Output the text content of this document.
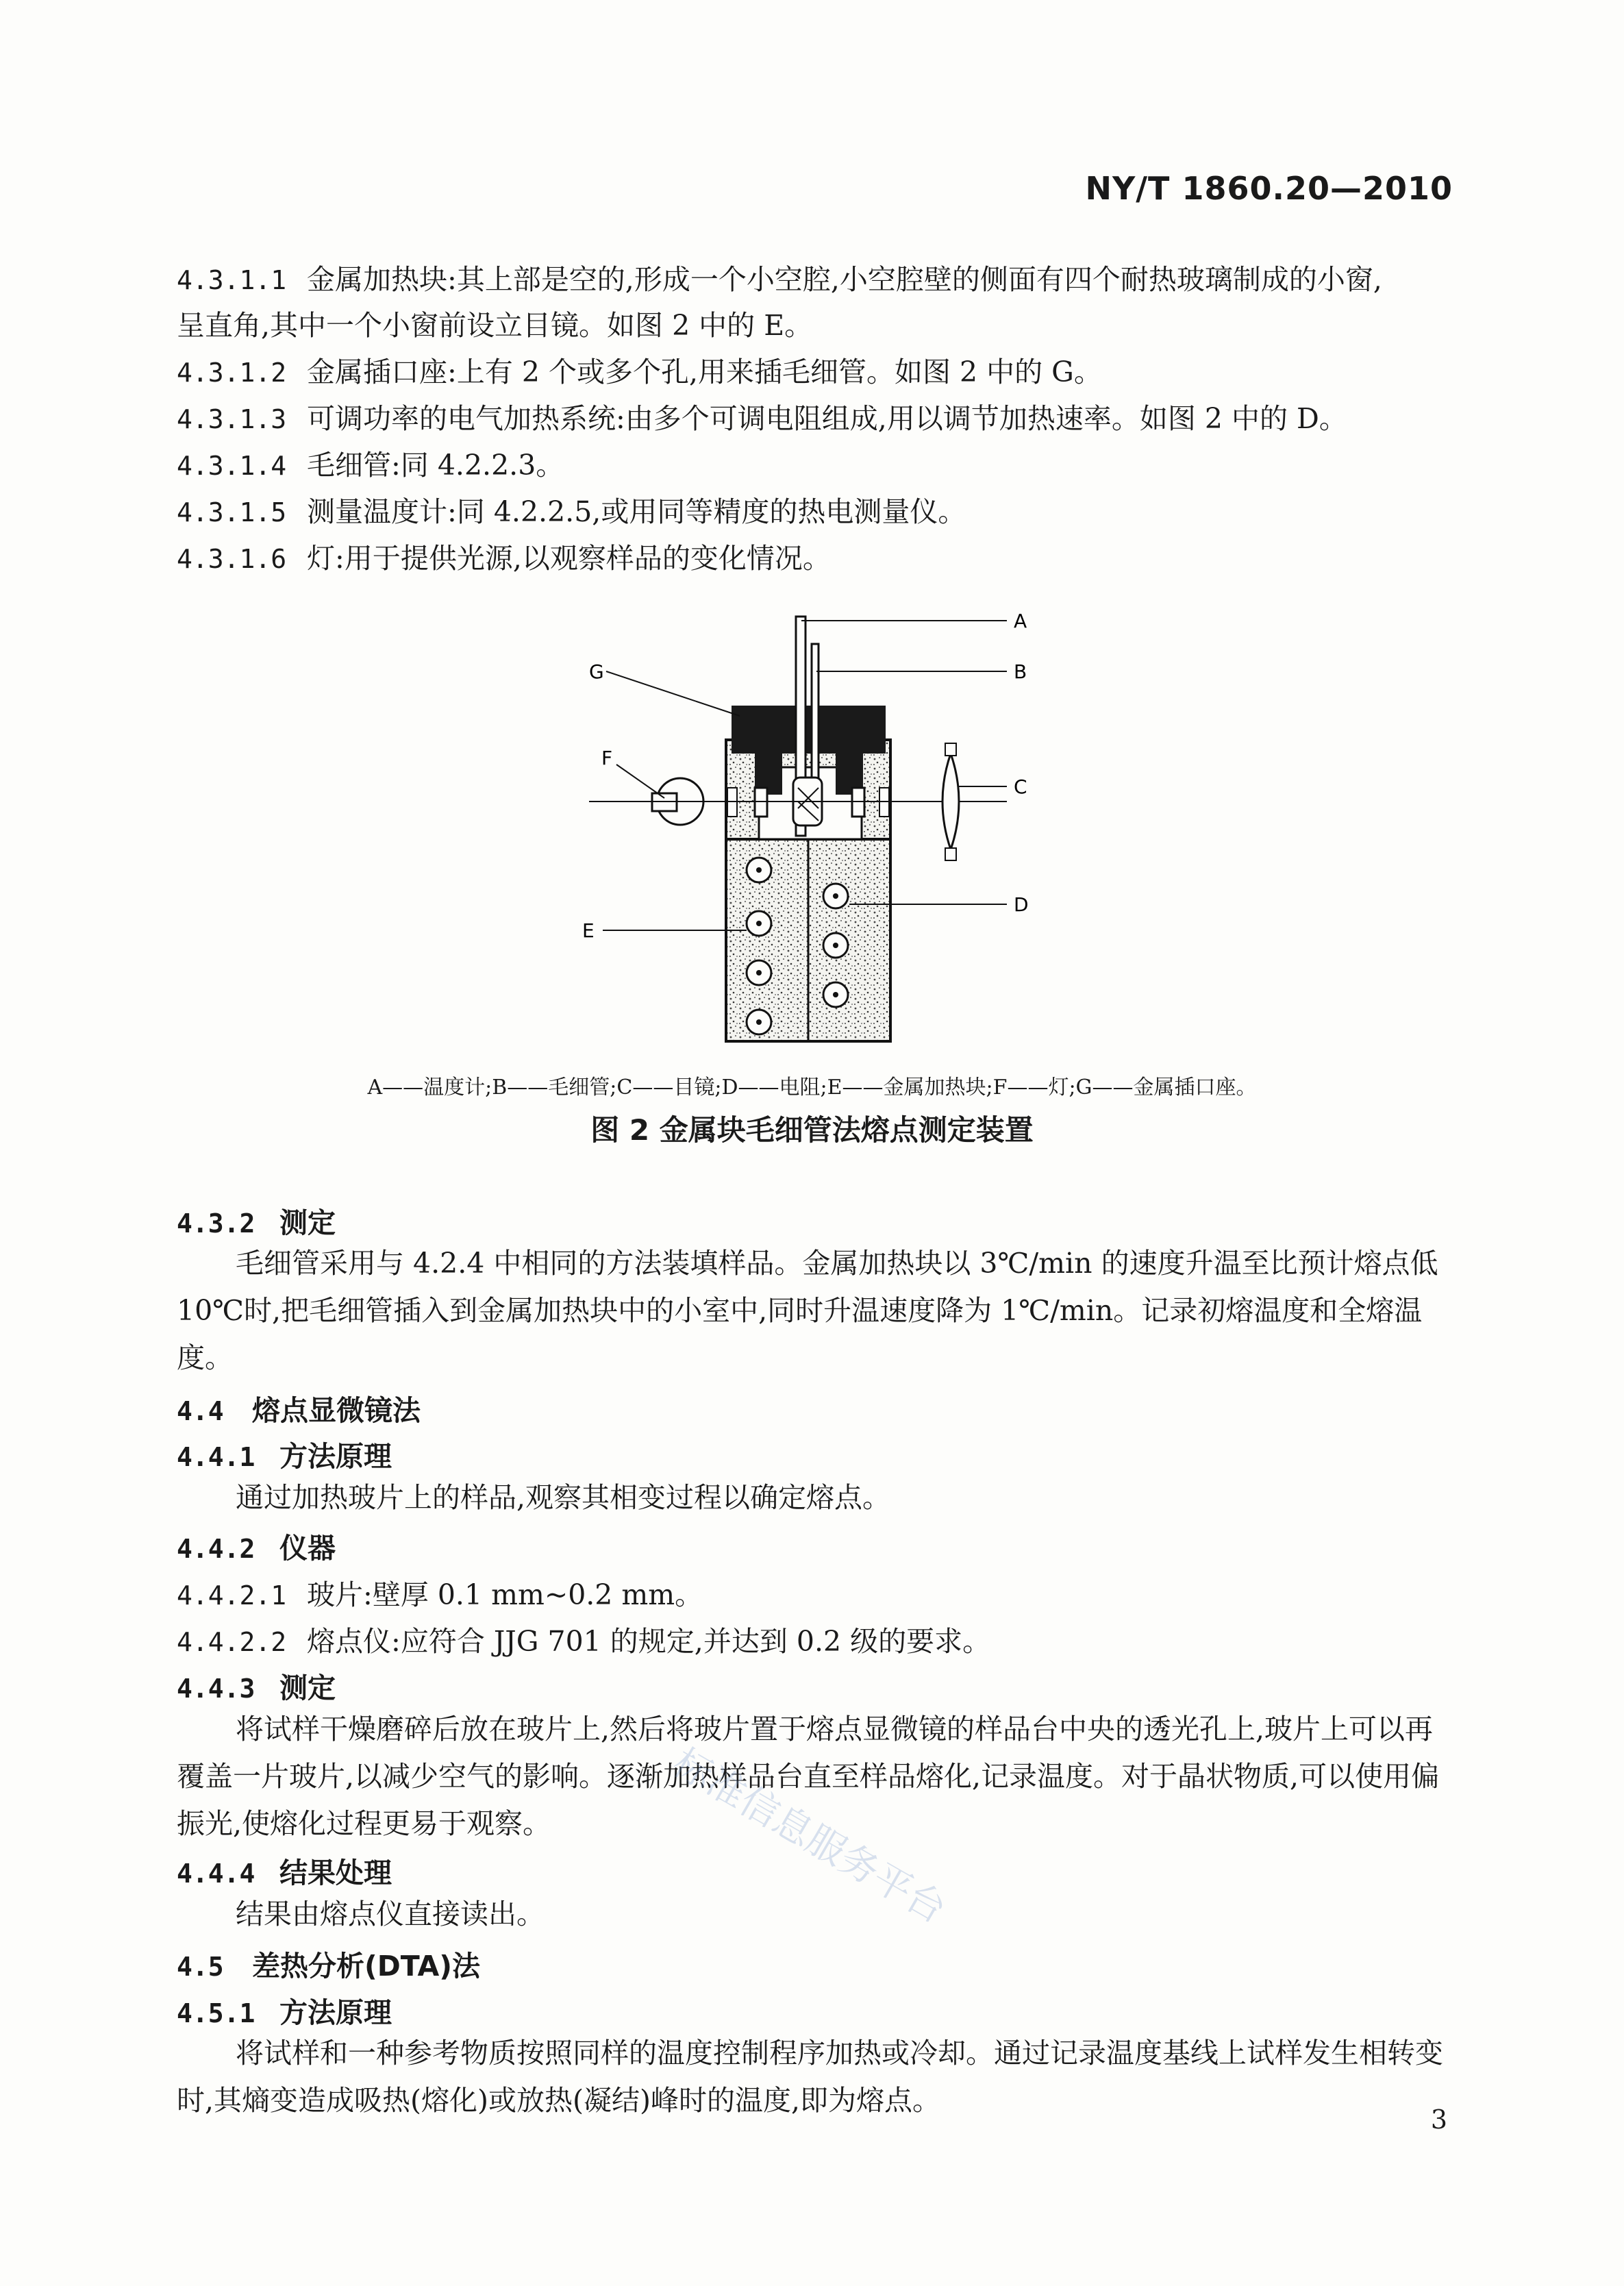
NY/T 1860.20—2010
4.3.1.1 金属加热块:其上部是空的,形成一个小空腔,小空腔壁的侧面有四个耐热玻璃制成的小窗,
呈直角,其中一个小窗前设立目镜。如图 2 中的 E。
4.3.1.2 金属插口座:上有 2 个或多个孔,用来插毛细管。如图 2 中的 G。
4.3.1.3 可调功率的电气加热系统:由多个可调电阻组成,用以调节加热速率。如图 2 中的 D。
4.3.1.4 毛细管:同 4.2.2.3。
4.3.1.5 测量温度计:同 4.2.2.5,或用同等精度的热电测量仪。
4.3.1.6 灯:用于提供光源,以观察样品的变化情况。
A
B
C
D
E
F
G
A——温度计;B——毛细管;C——目镜;D——电阻;E——金属加热块;F——灯;G——金属插口座。
图 2 金属块毛细管法熔点测定装置
4.3.2 测定
毛细管采用与 4.2.4 中相同的方法装填样品。金属加热块以 3℃/min 的速度升温至比预计熔点低 10℃时,把毛细管插入到金属加热块中的小室中,同时升温速度降为 1℃/min。记录初熔温度和全熔温度。
4.4 熔点显微镜法
4.4.1 方法原理
通过加热玻片上的样品,观察其相变过程以确定熔点。
4.4.2 仪器
4.4.2.1 玻片:壁厚 0.1 mm~0.2 mm。
4.4.2.2 熔点仪:应符合 JJG 701 的规定,并达到 0.2 级的要求。
4.4.3 测定
将试样干燥磨碎后放在玻片上,然后将玻片置于熔点显微镜的样品台中央的透光孔上,玻片上可以再覆盖一片玻片,以减少空气的影响。逐渐加热样品台直至样品熔化,记录温度。对于晶状物质,可以使用偏振光,使熔化过程更易于观察。
4.4.4 结果处理
结果由熔点仪直接读出。
4.5 差热分析(DTA)法
4.5.1 方法原理
将试样和一种参考物质按照同样的温度控制程序加热或冷却。通过记录温度基线上试样发生相转变时,其熵变造成吸热(熔化)或放热(凝结)峰时的温度,即为熔点。
标准信息服务平台
3
